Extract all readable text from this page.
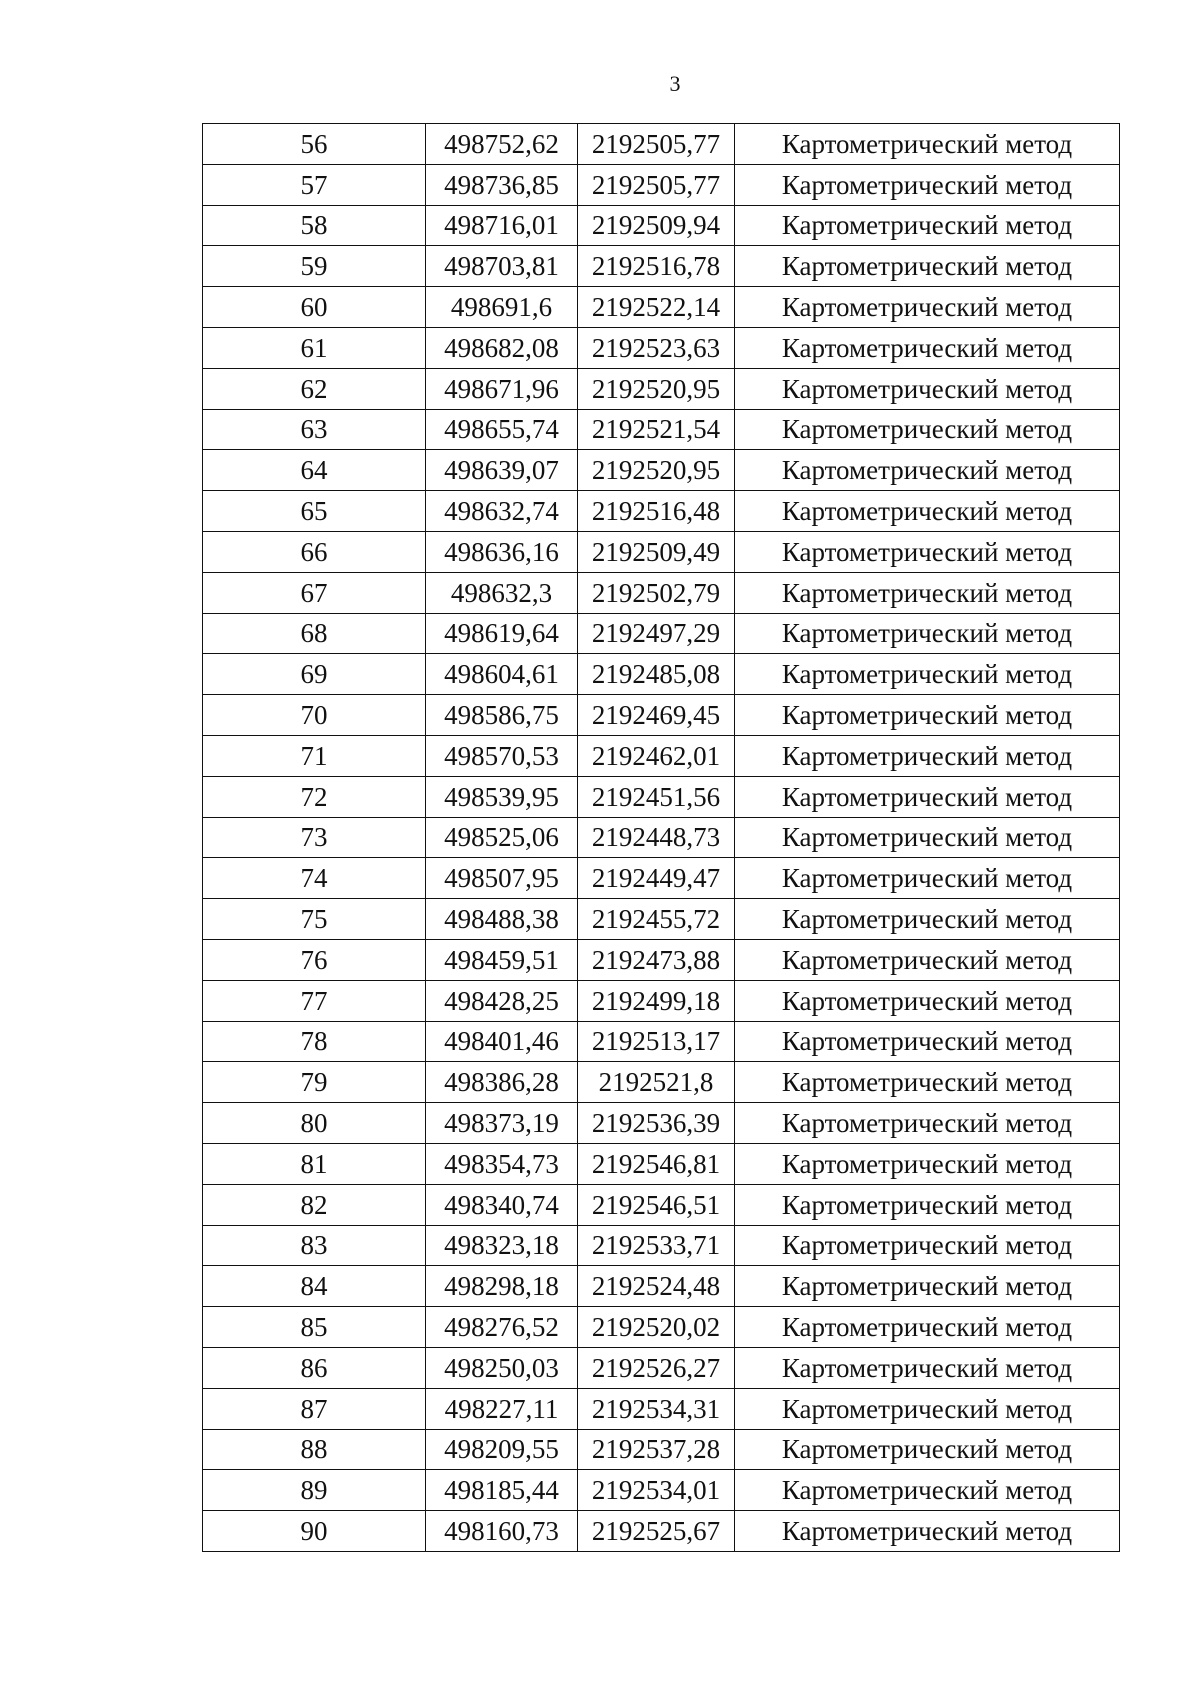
3
56	498752,62	2192505,77	Картометрический метод
57	498736,85	2192505,77	Картометрический метод
58	498716,01	2192509,94	Картометрический метод
59	498703,81	2192516,78	Картометрический метод
60	498691,6	2192522,14	Картометрический метод
61	498682,08	2192523,63	Картометрический метод
62	498671,96	2192520,95	Картометрический метод
63	498655,74	2192521,54	Картометрический метод
64	498639,07	2192520,95	Картометрический метод
65	498632,74	2192516,48	Картометрический метод
66	498636,16	2192509,49	Картометрический метод
67	498632,3	2192502,79	Картометрический метод
68	498619,64	2192497,29	Картометрический метод
69	498604,61	2192485,08	Картометрический метод
70	498586,75	2192469,45	Картометрический метод
71	498570,53	2192462,01	Картометрический метод
72	498539,95	2192451,56	Картометрический метод
73	498525,06	2192448,73	Картометрический метод
74	498507,95	2192449,47	Картометрический метод
75	498488,38	2192455,72	Картометрический метод
76	498459,51	2192473,88	Картометрический метод
77	498428,25	2192499,18	Картометрический метод
78	498401,46	2192513,17	Картометрический метод
79	498386,28	2192521,8	Картометрический метод
80	498373,19	2192536,39	Картометрический метод
81	498354,73	2192546,81	Картометрический метод
82	498340,74	2192546,51	Картометрический метод
83	498323,18	2192533,71	Картометрический метод
84	498298,18	2192524,48	Картометрический метод
85	498276,52	2192520,02	Картометрический метод
86	498250,03	2192526,27	Картометрический метод
87	498227,11	2192534,31	Картометрический метод
88	498209,55	2192537,28	Картометрический метод
89	498185,44	2192534,01	Картометрический метод
90	498160,73	2192525,67	Картометрический метод
